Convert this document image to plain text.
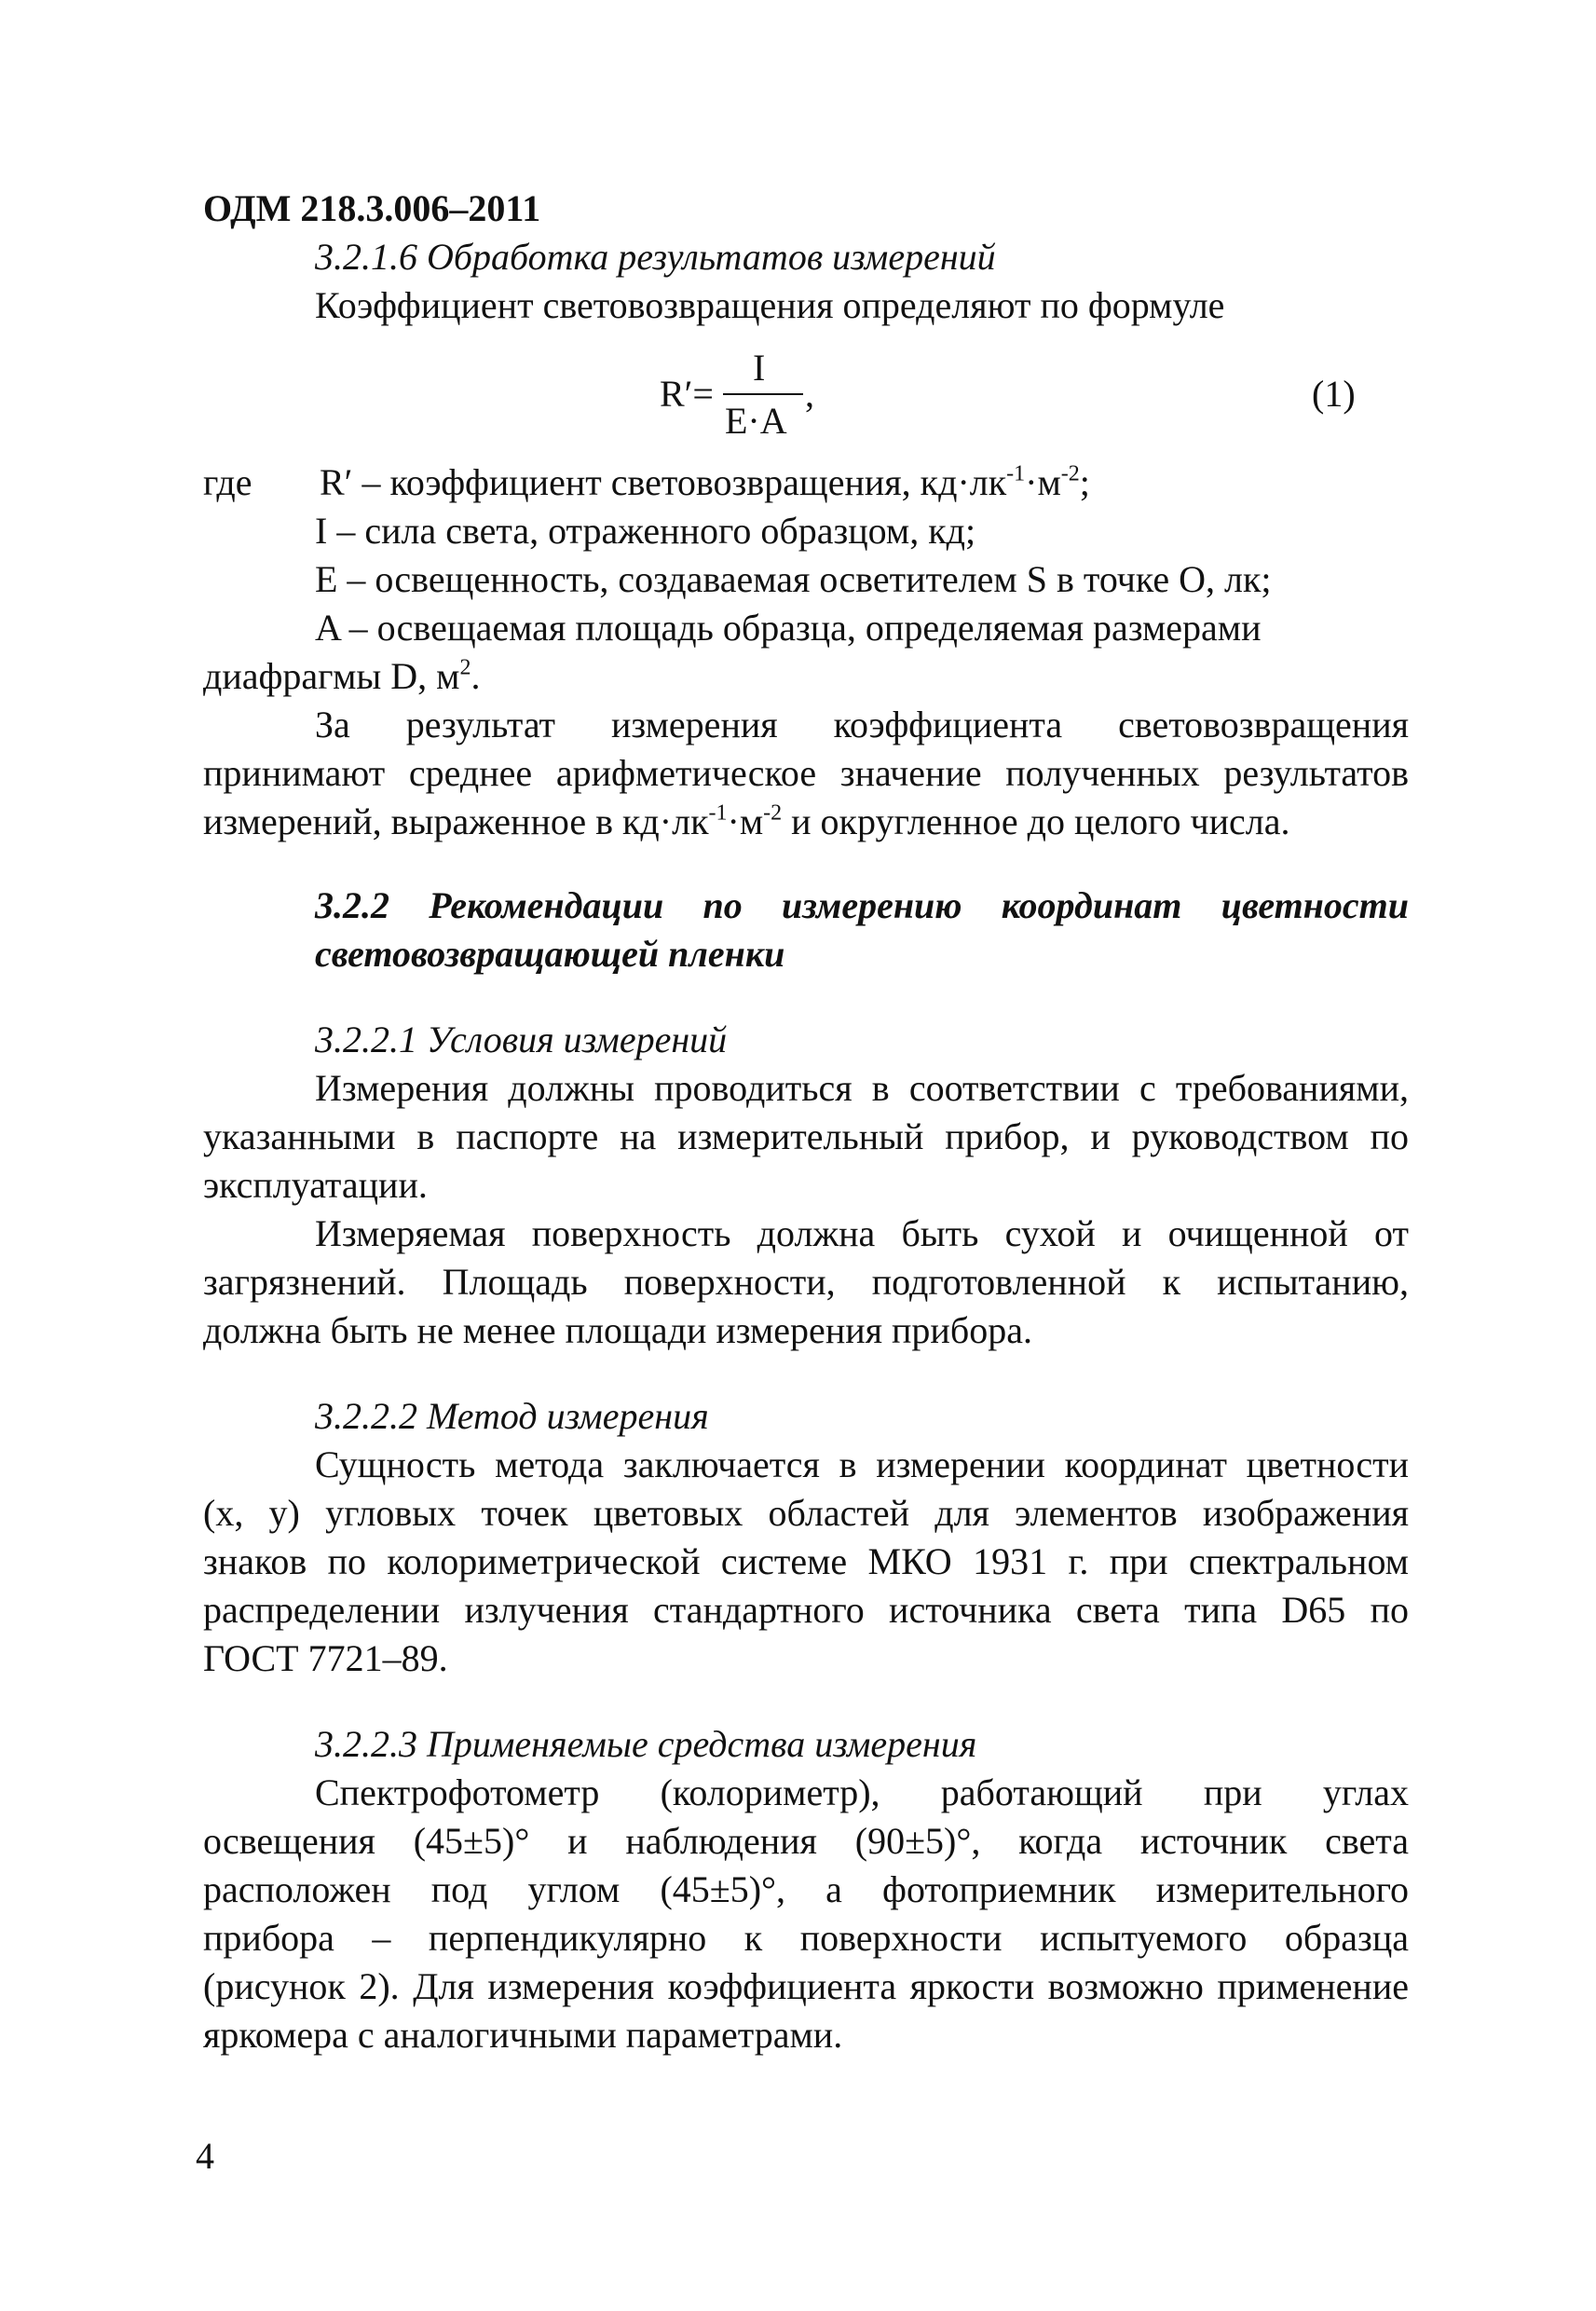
ОДМ 218.3.006–2011
3.2.1.6 Обработка результатов измерений
Коэффициент световозвращения определяют по формуле
R′=
I
E·A
,	(1)
где R′ – коэффициент световозвращения, $кд\cdot лк^{-1}\cdot м^{-2}$;
I – сила света, отраженного образцом, кд;
E – освещенность, создаваемая осветителем S в точке O, лк;
A – освещаемая площадь образца, определяемая размерами
диафрагмы D, $м^2$.
За результат измерения коэффициента световозвращения
принимают среднее арифметическое значение полученных результатов
измерений, выраженное в $кд\cdot лк^{-1}\cdot м^{-2}$ и округленное до целого числа.
3.2.2 Рекомендации по измерению координат цветности
световозвращающей пленки
3.2.2.1 Условия измерений
Измерения должны проводиться в соответствии с требованиями,
указанными в паспорте на измерительный прибор, и руководством по
эксплуатации.
Измеряемая поверхность должна быть сухой и очищенной от
загрязнений. Площадь поверхности, подготовленной к испытанию,
должна быть не менее площади измерения прибора.
3.2.2.2 Метод измерения
Сущность метода заключается в измерении координат цветности
(x, y) угловых точек цветовых областей для элементов изображения
знаков по колориметрической системе МКО 1931 г. при спектральном
распределении излучения стандартного источника света типа D65 по
ГОСТ 7721–89.
3.2.2.3 Применяемые средства измерения
Спектрофотометр (колориметр), работающий при углах
освещения (45±5)° и наблюдения (90±5)°, когда источник света
расположен под углом (45±5)°, а фотоприемник измерительного
прибора – перпендикулярно к поверхности испытуемого образца
(рисунок 2). Для измерения коэффициента яркости возможно применение
яркомера с аналогичными параметрами.
4
